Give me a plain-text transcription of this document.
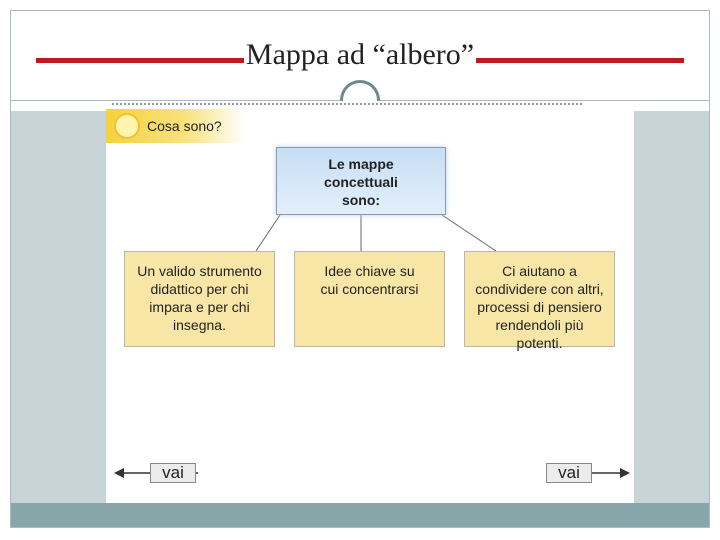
Mappa ad “albero”
Cosa sono?
Le mappe concettuali sono:
Un valido strumento didattico per chi impara e per chi insegna.
Idee chiave su cui concentrarsi
Ci aiutano a condividere con altri, processi di pensiero rendendoli più potenti.
vai	vai
